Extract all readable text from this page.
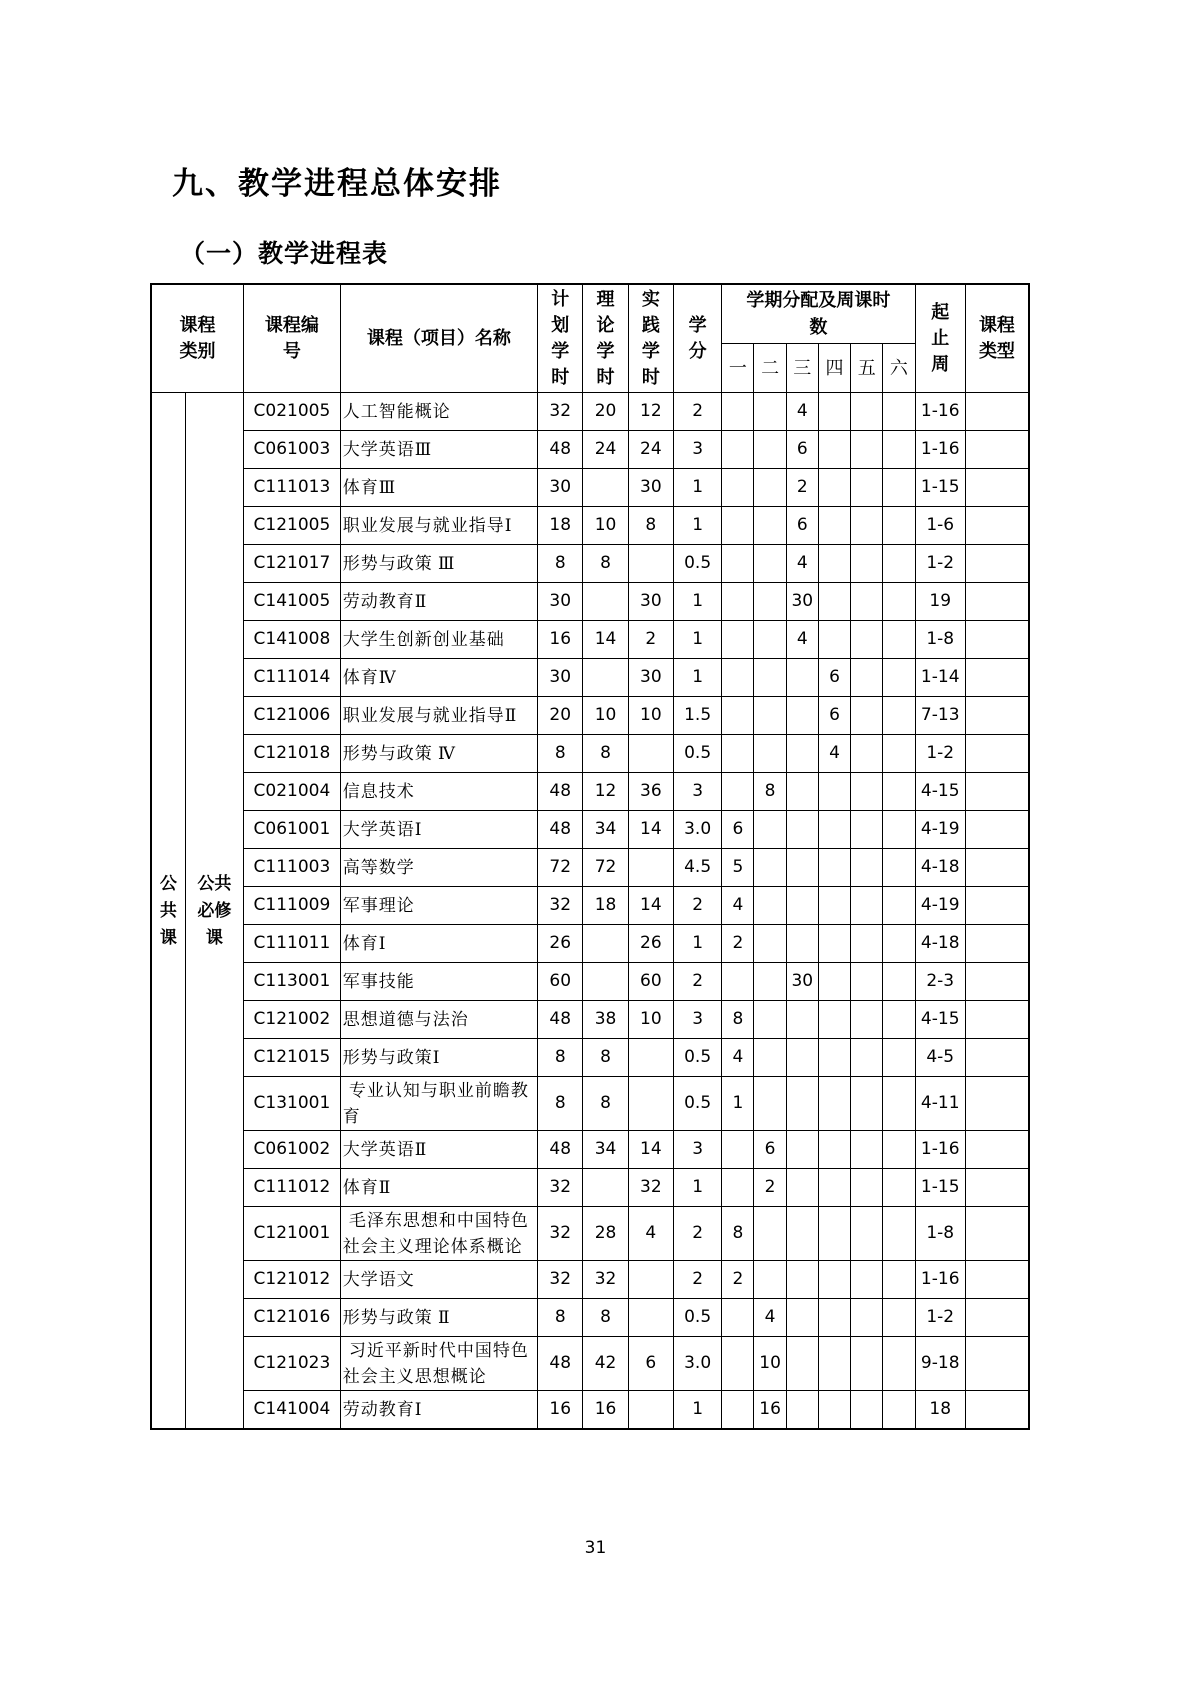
九、教学进程总体安排
（一）教学进程表
课程类别		课程编号	课程（项目）名称	计划学时	理论学时	实践学时	学分	学期分配及周课时数						起止周	课程类型
								一	二	三	四	五	六		
公共课	公共必修课	C021005	人工智能概论	32	20	12	2			4				1-16	
		C061003	大学英语Ⅲ	48	24	24	3			6				1-16	
		C111013	体育Ⅲ	30		30	1			2				1-15	
		C121005	职业发展与就业指导Ⅰ	18	10	8	1			6				1-6	
		C121017	形势与政策 Ⅲ	8	8		0.5			4				1-2	
		C141005	劳动教育Ⅱ	30		30	1			30				19	
		C141008	大学生创新创业基础	16	14	2	1			4				1-8	
		C111014	体育Ⅳ	30		30	1				6			1-14	
		C121006	职业发展与就业指导Ⅱ	20	10	10	1.5				6			7-13	
		C121018	形势与政策 Ⅳ	8	8		0.5				4			1-2	
		C021004	信息技术	48	12	36	3		8					4-15	
		C061001	大学英语Ⅰ	48	34	14	3.0	6						4-19	
		C111003	高等数学	72	72		4.5	5						4-18	
		C111009	军事理论	32	18	14	2	4						4-19	
		C111011	体育Ⅰ	26		26	1	2						4-18	
		C113001	军事技能	60		60	2			30				2-3	
		C121002	思想道德与法治	48	38	10	3	8						4-15	
		C121015	形势与政策Ⅰ	8	8		0.5	4						4-5	
		C131001	专业认知与职业前瞻教育	8	8		0.5	1						4-11	
		C061002	大学英语Ⅱ	48	34	14	3		6					1-16	
		C111012	体育Ⅱ	32		32	1		2					1-15	
		C121001	毛泽东思想和中国特色社会主义理论体系概论	32	28	4	2	8						1-8	
		C121012	大学语文	32	32		2	2						1-16	
		C121016	形势与政策 Ⅱ	8	8		0.5		4					1-2	
		C121023	习近平新时代中国特色社会主义思想概论	48	42	6	3.0		10					9-18	
		C141004	劳动教育Ⅰ	16	16		1		16					18	
31
